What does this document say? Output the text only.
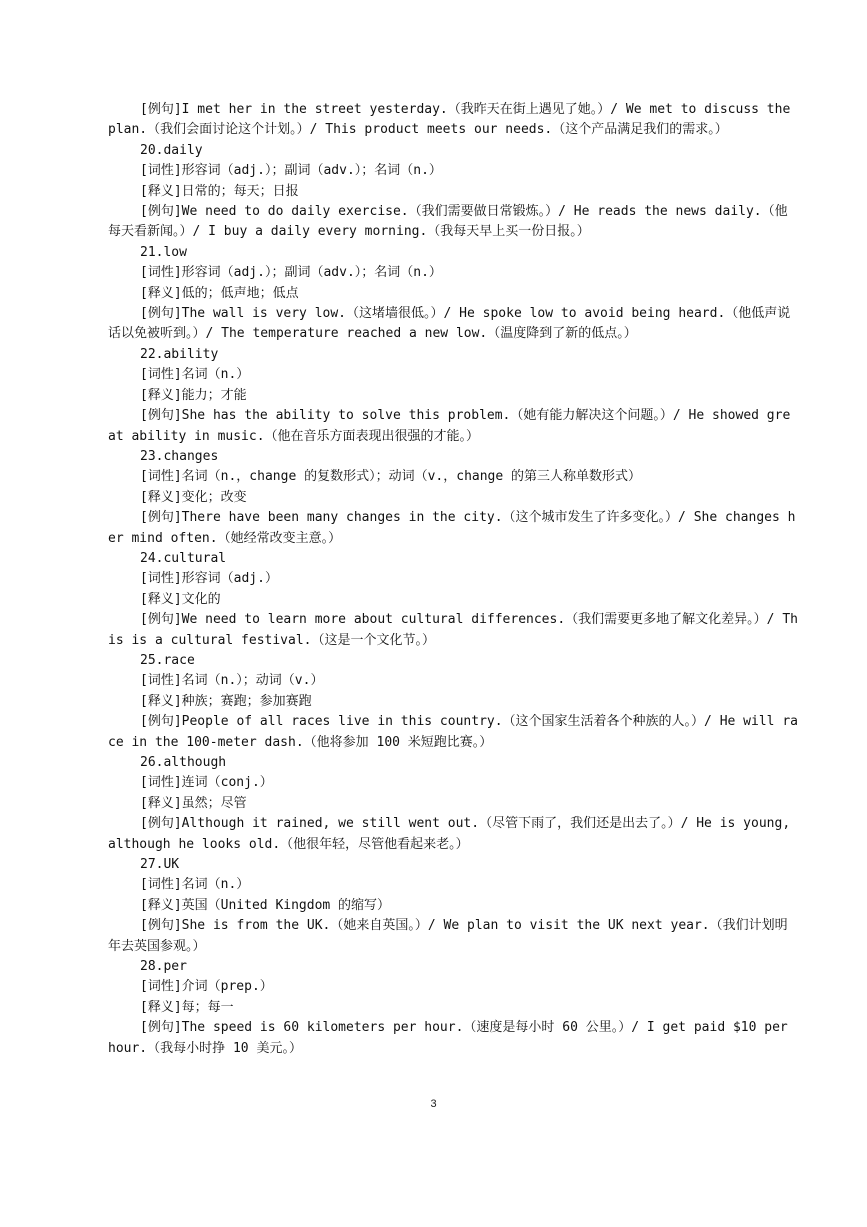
[例句]I met her in the street yesterday.（我昨天在街上遇见了她。）/ We met to discuss the plan.（我们会面讨论这个计划。）/ This product meets our needs.（这个产品满足我们的需求。）
20.daily
[词性]形容词（adj.）；副词（adv.）；名词（n.）
[释义]日常的；每天；日报
[例句]We need to do daily exercise.（我们需要做日常锻炼。）/ He reads the news daily.（他每天看新闻。）/ I buy a daily every morning.（我每天早上买一份日报。）
21.low
[词性]形容词（adj.）；副词（adv.）；名词（n.）
[释义]低的；低声地；低点
[例句]The wall is very low.（这堵墙很低。）/ He spoke low to avoid being heard.（他低声说话以免被听到。）/ The temperature reached a new low.（温度降到了新的低点。）
22.ability
[词性]名词（n.）
[释义]能力；才能
[例句]She has the ability to solve this problem.（她有能力解决这个问题。）/ He showed great ability in music.（他在音乐方面表现出很强的才能。）
23.changes
[词性]名词（n.，change 的复数形式）；动词（v.，change 的第三人称单数形式）
[释义]变化；改变
[例句]There have been many changes in the city.（这个城市发生了许多变化。）/ She changes her mind often.（她经常改变主意。）
24.cultural
[词性]形容词（adj.）
[释义]文化的
[例句]We need to learn more about cultural differences.（我们需要更多地了解文化差异。）/ This is a cultural festival.（这是一个文化节。）
25.race
[词性]名词（n.）；动词（v.）
[释义]种族；赛跑；参加赛跑
[例句]People of all races live in this country.（这个国家生活着各个种族的人。）/ He will race in the 100-meter dash.（他将参加 100 米短跑比赛。）
26.although
[词性]连词（conj.）
[释义]虽然；尽管
[例句]Although it rained, we still went out.（尽管下雨了，我们还是出去了。）/ He is young, although he looks old.（他很年轻，尽管他看起来老。）
27.UK
[词性]名词（n.）
[释义]英国（United Kingdom 的缩写）
[例句]She is from the UK.（她来自英国。）/ We plan to visit the UK next year.（我们计划明年去英国参观。）
28.per
[词性]介词（prep.）
[释义]每；每一
[例句]The speed is 60 kilometers per hour.（速度是每小时 60 公里。）/ I get paid $10 per hour.（我每小时挣 10 美元。）
3
